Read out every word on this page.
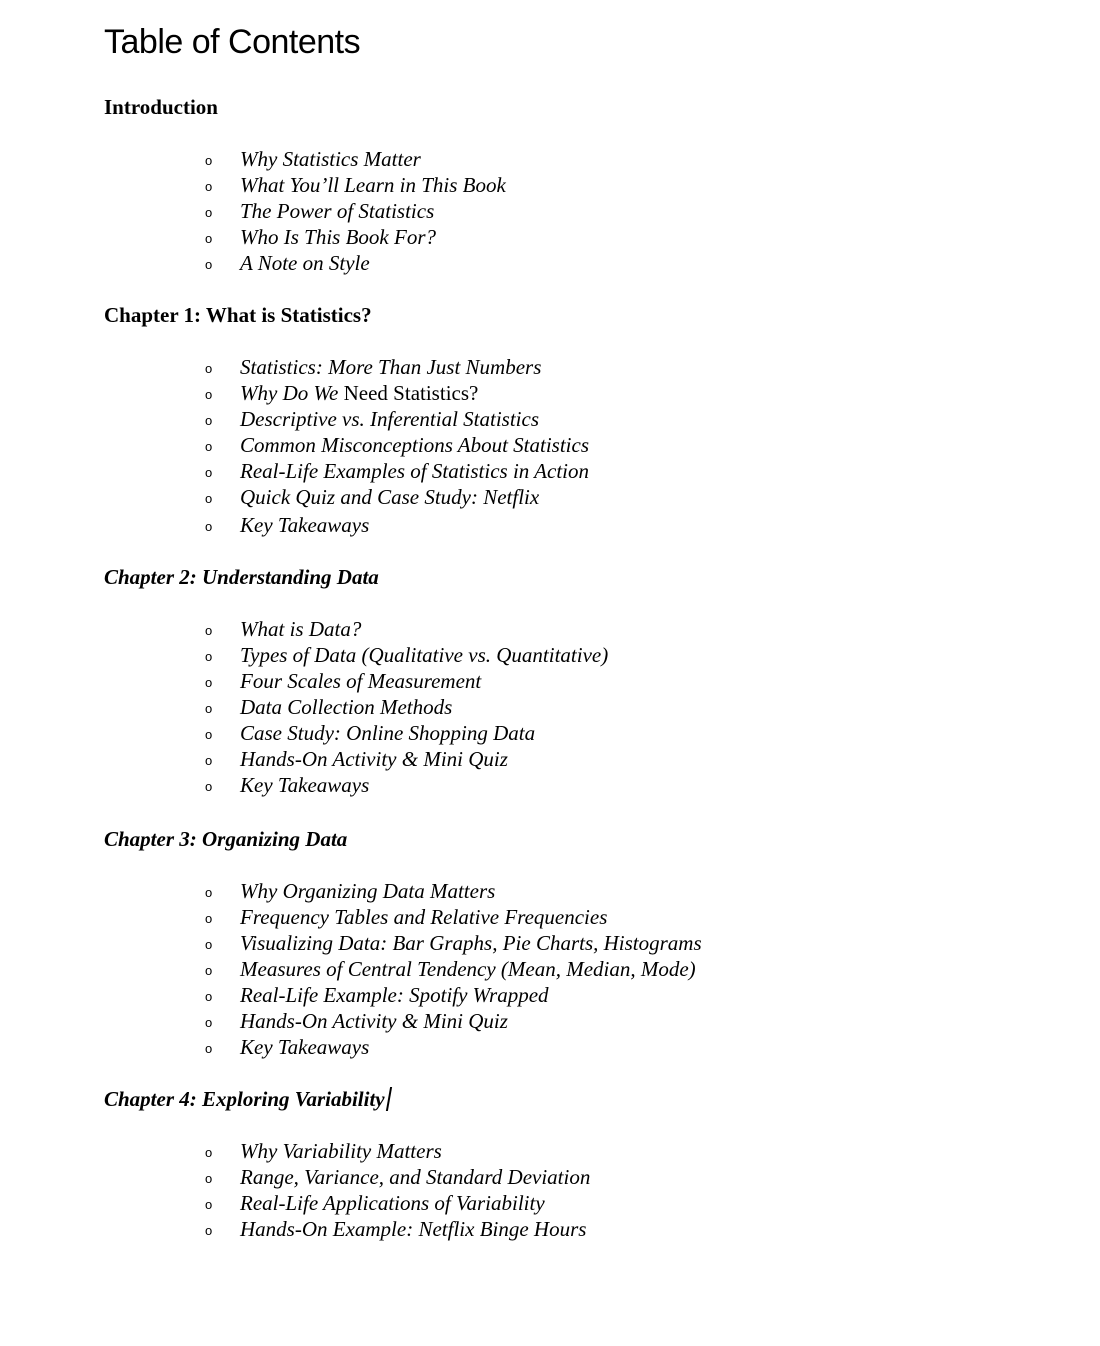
Table of Contents
Introduction
o Why Statistics Matter
o What You’ll Learn in This Book
o The Power of Statistics
o Who Is This Book For?
o A Note on Style
Chapter 1: What is Statistics?
o Statistics: More Than Just Numbers
o Why Do We Need Statistics?
o Descriptive vs. Inferential Statistics
o Common Misconceptions About Statistics
o Real-Life Examples of Statistics in Action
o Quick Quiz and Case Study: Netflix
o Key Takeaways
Chapter 2: Understanding Data
o What is Data?
o Types of Data (Qualitative vs. Quantitative)
o Four Scales of Measurement
o Data Collection Methods
o Case Study: Online Shopping Data
o Hands-On Activity & Mini Quiz
o Key Takeaways
Chapter 3: Organizing Data
o Why Organizing Data Matters
o Frequency Tables and Relative Frequencies
o Visualizing Data: Bar Graphs, Pie Charts, Histograms
o Measures of Central Tendency (Mean, Median, Mode)
o Real-Life Example: Spotify Wrapped
o Hands-On Activity & Mini Quiz
o Key Takeaways
Chapter 4: Exploring Variability
o Why Variability Matters
o Range, Variance, and Standard Deviation
o Real-Life Applications of Variability
o Hands-On Example: Netflix Binge Hours
